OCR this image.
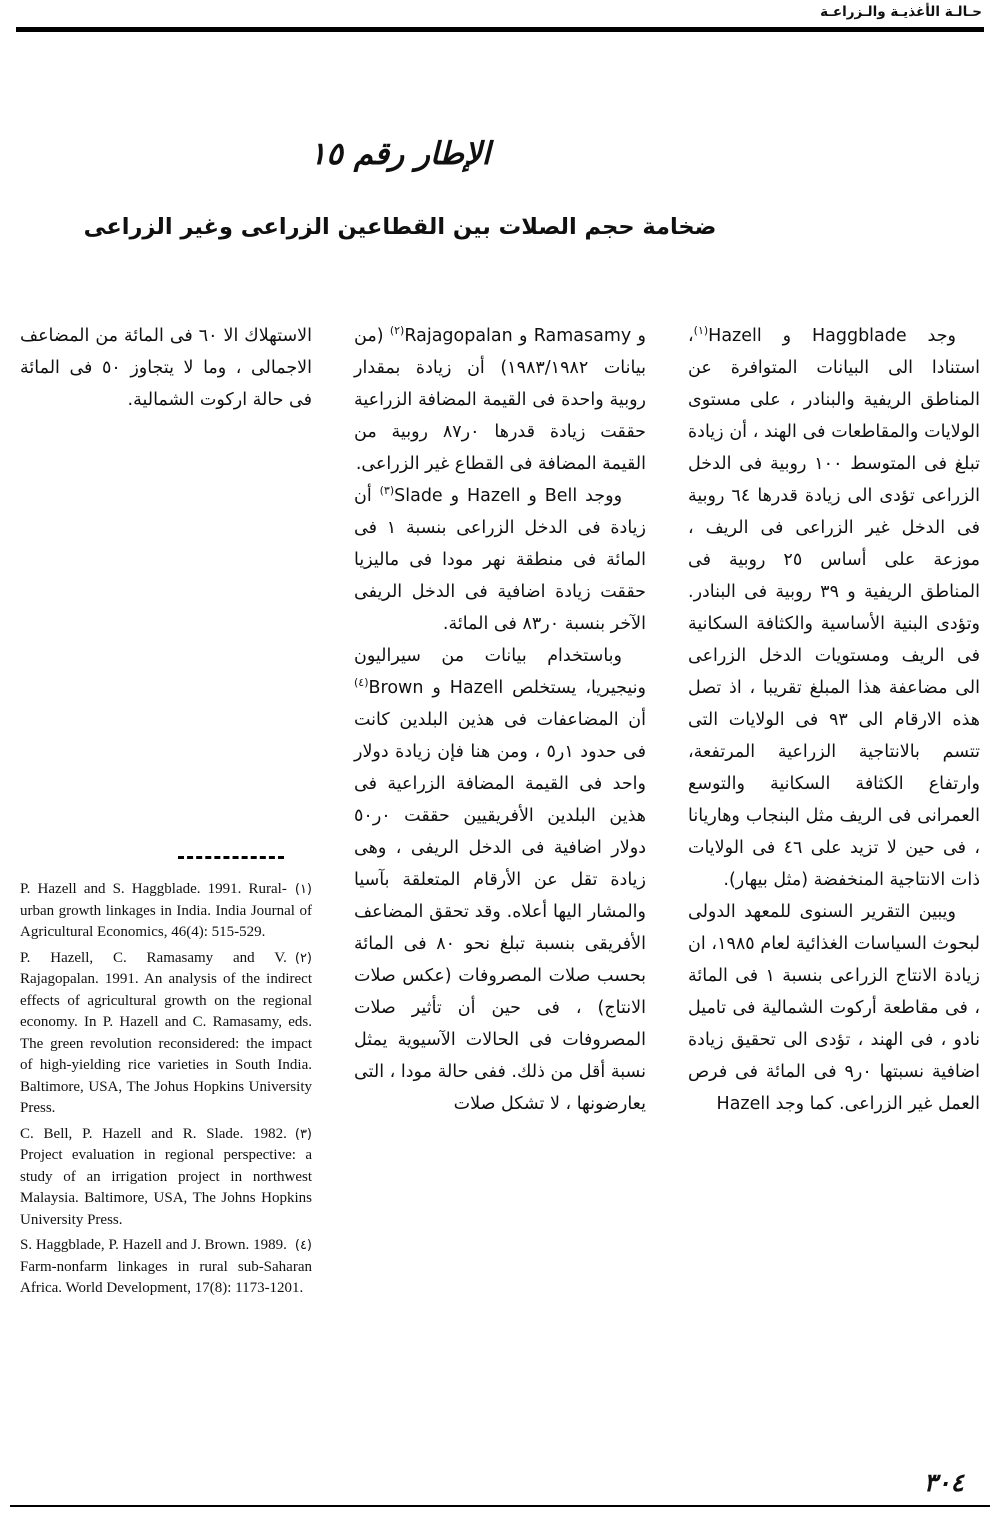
حـالـة الأغذيـة والـزراعـة
الإطار رقم ١٥
ضخامة حجم الصلات بين القطاعين الزراعى وغير الزراعى

وجد Haggblade و Hazell$^{(١)}$، استنادا الى البيانات المتوافرة عن المناطق الريفية والبنادر ، على مستوى الولايات والمقاطعات فى الهند ، أن زيادة تبلغ فى المتوسط ١٠٠ روبية فى الدخل الزراعى تؤدى الى زيادة قدرها ٦٤ روبية فى الدخل غير الزراعى فى الريف ، موزعة على أساس ٢٥ روبية فى المناطق الريفية و ٣٩ روبية فى البنادر. وتؤدى البنية الأساسية والكثافة السكانية فى الريف ومستويات الدخل الزراعى الى مضاعفة هذا المبلغ تقريبا ، اذ تصل هذه الارقام الى ٩٣ فى الولايات التى تتسم بالانتاجية الزراعية المرتفعة، وارتفاع الكثافة السكانية والتوسع العمرانى فى الريف مثل البنجاب وهاريانا ، فى حين لا تزيد على ٤٦ فى الولايات ذات الانتاجية المنخفضة (مثل بيهار).

ويبين التقرير السنوى للمعهد الدولى لبحوث السياسات الغذائية لعام ١٩٨٥، ان زيادة الانتاج الزراعى بنسبة ١ فى المائة ، فى مقاطعة أركوت الشمالية فى تاميل نادو ، فى الهند ، تؤدى الى تحقيق زيادة اضافية نسبتها ٠ر٩ فى المائة فى فرص العمل غير الزراعى. كما وجد Hazell

و Ramasamy و Rajagopalan$^{(٢)}$ (من بيانات ١٩٨٣/١٩٨٢) أن زيادة بمقدار روبية واحدة فى القيمة المضافة الزراعية حققت زيادة قدرها ٠ر٨٧ روبية من القيمة المضافة فى القطاع غير الزراعى.

ووجد Bell و Hazell و Slade$^{(٣)}$ أن زيادة فى الدخل الزراعى بنسبة ١ فى المائة فى منطقة نهر مودا فى ماليزيا حققت زيادة اضافية فى الدخل الريفى الآخر بنسبة ٠ر٨٣ فى المائة.

وباستخدام بيانات من سيراليون ونيجيريا، يستخلص Hazell و Brown$^{(٤)}$ أن المضاعفات فى هذين البلدين كانت فى حدود ١ر٥ ، ومن هنا فإن زيادة دولار واحد فى القيمة المضافة الزراعية فى هذين البلدين الأفريقيين حققت ٠ر٥٠ دولار اضافية فى الدخل الريفى ، وهى زيادة تقل عن الأرقام المتعلقة بآسيا والمشار اليها أعلاه. وقد تحقق المضاعف الأفريقى بنسبة تبلغ نحو ٨٠ فى المائة بحسب صلات المصروفات (عكس صلات الانتاج) ، فى حين أن تأثير صلات المصروفات فى الحالات الآسيوية يمثل نسبة أقل من ذلك. ففى حالة مودا ، التى يعارضونها ، لا تشكل صلات

الاستهلاك الا ٦٠ فى المائة من المضاعف الاجمالى ، وما لا يتجاوز ٥٠ فى المائة فى حالة اركوت الشمالية.

(١)
P. Hazell and S. Haggblade. 1991. Rural-urban growth linkages in India. India Journal of Agricultural Economics, 46(4): 515-529.

(٢)
P. Hazell, C. Ramasamy and V. Rajagopalan. 1991. An analysis of the indirect effects of agricultural growth on the regional economy. In P. Hazell and C. Ramasamy, eds. The green revolution reconsidered: the impact of high-yielding rice varieties in South India. Baltimore, USA, The Johus Hopkins University Press.

(٣)
C. Bell, P. Hazell and R. Slade. 1982. Project evaluation in regional perspective: a study of an irrigation project in northwest Malaysia. Baltimore, USA, The Johns Hopkins University Press.

(٤)
S. Haggblade, P. Hazell and J. Brown. 1989. Farm-nonfarm linkages in rural sub-Saharan Africa. World Development, 17(8): 1173-1201.

٣٠٤
